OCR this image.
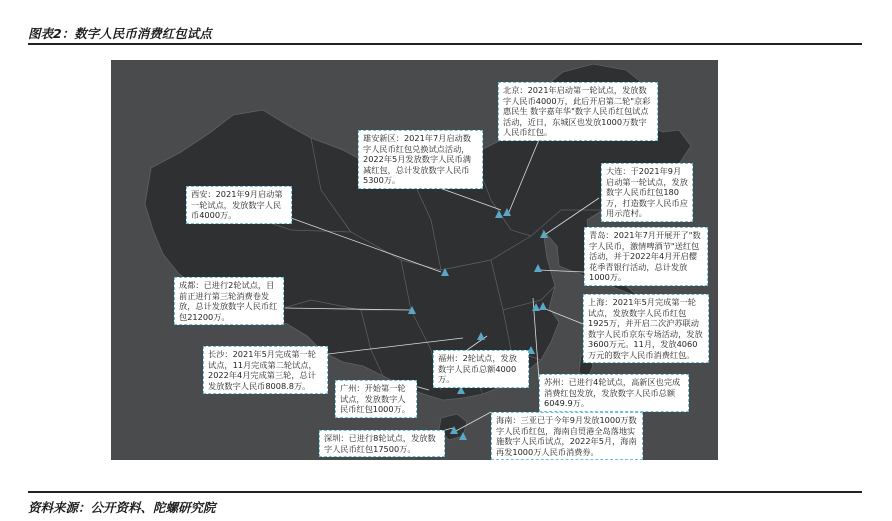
图表2：数字人民币消费红包试点
北京：2021年启动第一轮试点，发放数字人民币4000万，此后开启第二轮"京彩惠民生 数字嘉年华"数字人民币红包试点活动，近日，东城区也发放1000万数字人民币红包。
雄安新区：2021年7月启动数字人民币红包兑换试点活动，2022年5月发放数字人民币满减红包，总计发放数字人民币5300万。
大连：于2021年9月启动第一轮试点，发放数字人民币红包180万，打造数字人民币应用示范村。
青岛：2021年7月开展开了"数字人民币，激情啤酒节"送红包活动，并于2022年4月开启樱花季青银行活动，总计发放1000万。
西安：2021年9月启动第一轮试点，发放数字人民币4000万。
成都：已进行2轮试点，目前正进行第三轮消费卷发放，总计发放数字人民币红包21200万。
上海：2021年5月完成第一轮试点，发放数字人民币红包1925万，并开启二次沪苏联动数字人民币京东专场活动，发放3600万元。11月，发放4060万元的数字人民币消费红包。
长沙：2021年5月完成第一轮试点，11月完成第二轮试点，2022年4月完成第三轮，总计发放数字人民币8008.8万。
福州：2轮试点，发放数字人民币总额4000万。	苏州：已进行4轮试点，高新区也完成消费红包发放，发放数字人民币总额6049.9万。
广州：开始第一轮试点，发放数字人民币红包1000万。
深圳：已进行8轮试点，发放数字人民币红包17500万。
海南：三亚已于今年9月发放1000万数字人民币红包，海南自贸港全岛落地实施数字人民币试点，2022年5月，海南再发1000万人民币消费券。
资料来源：公开资料、陀螺研究院
